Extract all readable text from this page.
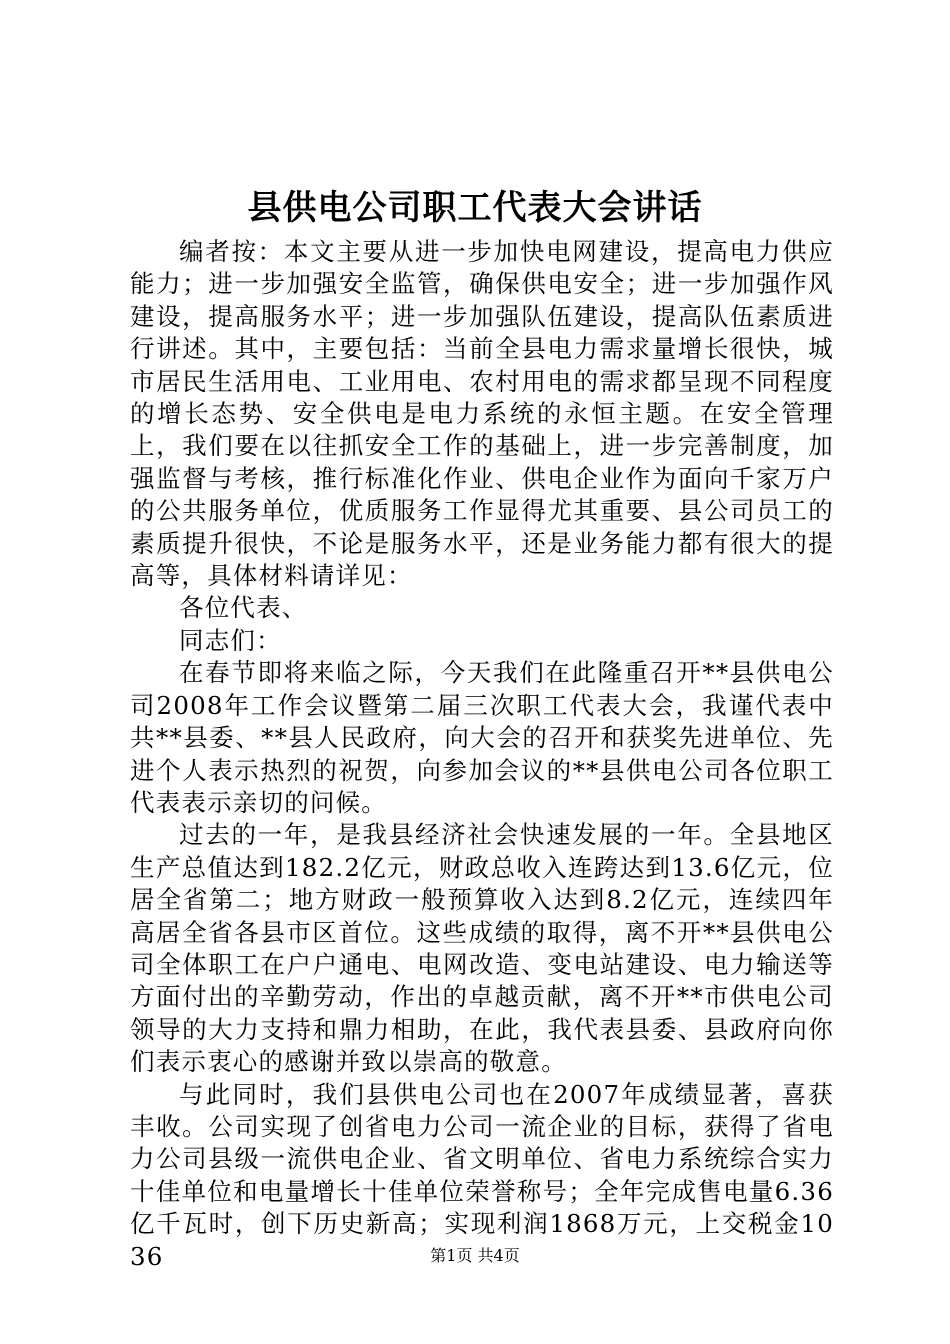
县供电公司职工代表大会讲话

编者按：本文主要从进一步加快电网建设，提高电力供应能力；进一步加强安全监管，确保供电安全；进一步加强作风建设，提高服务水平；进一步加强队伍建设，提高队伍素质进行讲述。其中，主要包括：当前全县电力需求量增长很快，城市居民生活用电、工业用电、农村用电的需求都呈现不同程度的增长态势、安全供电是电力系统的永恒主题。在安全管理上，我们要在以往抓安全工作的基础上，进一步完善制度，加强监督与考核，推行标准化作业、供电企业作为面向千家万户的公共服务单位，优质服务工作显得尤其重要、县公司员工的素质提升很快，不论是服务水平，还是业务能力都有很大的提高等，具体材料请详见：

各位代表、

同志们：

在春节即将来临之际，今天我们在此隆重召开**县供电公司2008年工作会议暨第二届三次职工代表大会，我谨代表中共**县委、**县人民政府，向大会的召开和获奖先进单位、先进个人表示热烈的祝贺，向参加会议的**县供电公司各位职工代表表示亲切的问候。

过去的一年，是我县经济社会快速发展的一年。全县地区生产总值达到182.2亿元，财政总收入连跨达到13.6亿元，位居全省第二；地方财政一般预算收入达到8.2亿元，连续四年高居全省各县市区首位。这些成绩的取得，离不开**县供电公司全体职工在户户通电、电网改造、变电站建设、电力输送等方面付出的辛勤劳动，作出的卓越贡献，离不开**市供电公司领导的大力支持和鼎力相助，在此，我代表县委、县政府向你们表示衷心的感谢并致以崇高的敬意。

与此同时，我们县供电公司也在2007年成绩显著，喜获丰收。公司实现了创省电力公司一流企业的目标，获得了省电力公司县级一流供电企业、省文明单位、省电力系统综合实力十佳单位和电量增长十佳单位荣誉称号；全年完成售电量6.36亿千瓦时，创下历史新高；实现利润1868万元，上交税金1036	第1页 共4页
